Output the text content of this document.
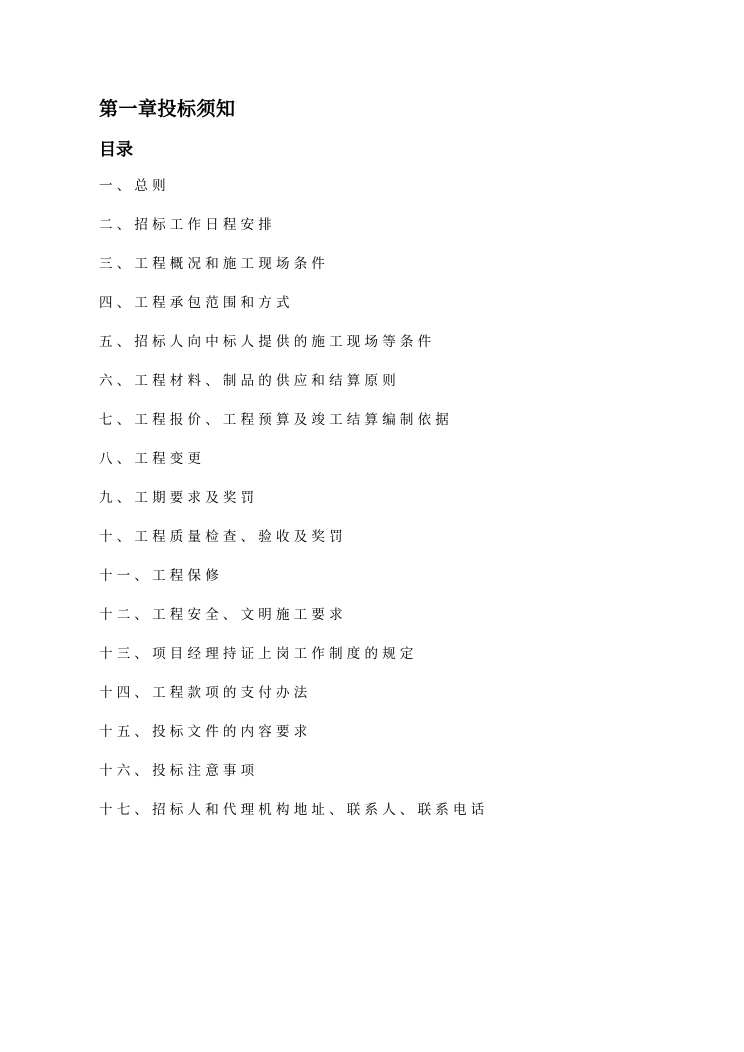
第一章投标须知
目录
一、总则
二、招标工作日程安排
三、工程概况和施工现场条件
四、工程承包范围和方式
五、招标人向中标人提供的施工现场等条件
六、工程材料、制品的供应和结算原则
七、工程报价、工程预算及竣工结算编制依据
八、工程变更
九、工期要求及奖罚
十、工程质量检查、验收及奖罚
十一、工程保修
十二、工程安全、文明施工要求
十三、项目经理持证上岗工作制度的规定
十四、工程款项的支付办法
十五、投标文件的内容要求
十六、投标注意事项
十七、招标人和代理机构地址、联系人、联系电话
